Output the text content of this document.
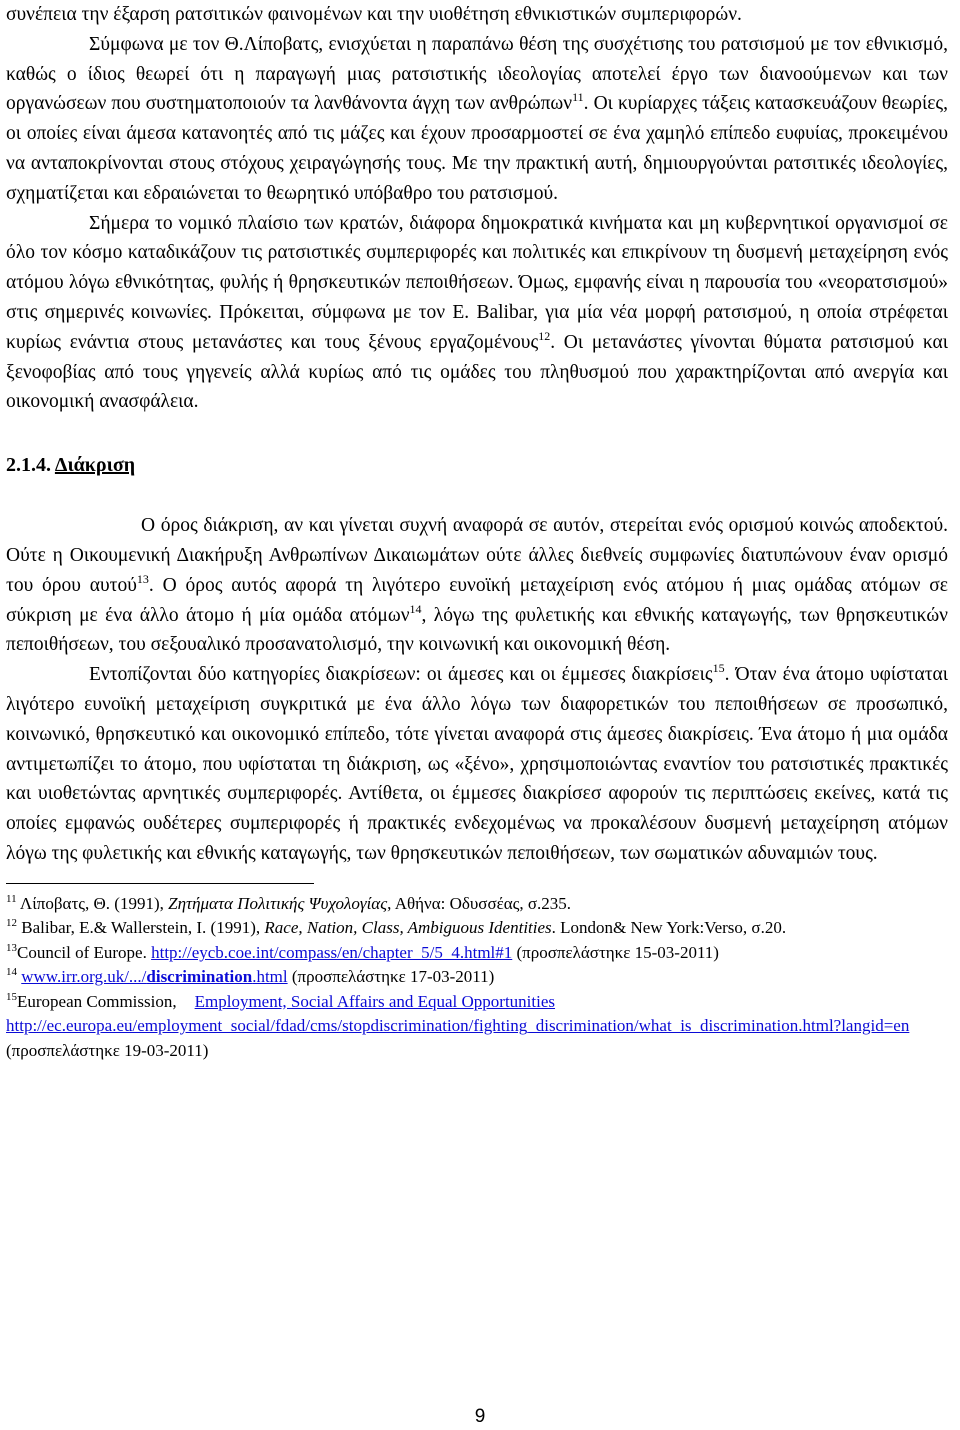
συνέπεια την έξαρση ρατσιτικών φαινομένων και την υιοθέτηση εθνικιστικών συμπεριφορών.

Σύμφωνα με τον Θ.Λίποβατς, ενισχύεται η παραπάνω θέση της συσχέτισης του ρατσισμού με τον εθνικισμό, καθώς ο ίδιος θεωρεί ότι η παραγωγή μιας ρατσιστικής ιδεολογίας αποτελεί έργο των διανοούμενων και των οργανώσεων που συστηματοποιούν τα λανθάνοντα άγχη των ανθρώπων$^{11}$. Οι κυρίαρχες τάξεις κατασκευάζουν θεωρίες, οι οποίες είναι άμεσα κατανοητές από τις μάζες και έχουν προσαρμοστεί σε ένα χαμηλό επίπεδο ευφυίας, προκειμένου να ανταποκρίνονται στους στόχους χειραγώγησής τους. Με την πρακτική αυτή, δημιουργούνται ρατσιτικές ιδεολογίες, σχηματίζεται και εδραιώνεται το θεωρητικό υπόβαθρο του ρατσισμού.

Σήμερα το νομικό πλαίσιο των κρατών, διάφορα δημοκρατικά κινήματα και μη κυβερνητικοί οργανισμοί σε όλο τον κόσμο καταδικάζουν τις ρατσιστικές συμπεριφορές και πολιτικές και επικρίνουν τη δυσμενή μεταχείρηση ενός ατόμου λόγω εθνικότητας, φυλής ή θρησκευτικών πεποιθήσεων. Όμως, εμφανής είναι η παρουσία του «νεορατσισμού» στις σημερινές κοινωνίες. Πρόκειται, σύμφωνα με τον E. Balibar, για μία νέα μορφή ρατσισμού, η οποία στρέφεται κυρίως ενάντια στους μετανάστες και τους ξένους εργαζομένους$^{12}$. Οι μετανάστες γίνονται θύματα ρατσισμού και ξενοφοβίας από τους γηγενείς αλλά κυρίως από τις ομάδες του πληθυσμού που χαρακτηρίζονται από ανεργία και οικονομική ανασφάλεια.

2.1.4. Διάκριση

Ο όρος διάκριση, αν και γίνεται συχνή αναφορά σε αυτόν, στερείται ενός ορισμού κοινώς αποδεκτού. Ούτε η Οικουμενική Διακήρυξη Ανθρωπίνων Δικαιωμάτων ούτε άλλες διεθνείς συμφωνίες διατυπώνουν έναν ορισμό του όρου αυτού$^{13}$. Ο όρος αυτός αφορά τη λιγότερο ευνοϊκή μεταχείριση ενός ατόμου ή μιας ομάδας ατόμων σε σύκριση με ένα άλλο άτομο ή μία ομάδα ατόμων$^{14}$, λόγω της φυλετικής και εθνικής καταγωγής, των θρησκευτικών πεποιθήσεων, του σεξουαλικό προσανατολισμό, την κοινωνική και οικονομική θέση.

Εντοπίζονται δύο κατηγορίες διακρίσεων: οι άμεσες και οι έμμεσες διακρίσεις$^{15}$. Όταν ένα άτομο υφίσταται λιγότερο ευνοϊκή μεταχείριση συγκριτικά με ένα άλλο λόγω των διαφορετικών του πεποιθήσεων σε προσωπικό, κοινωνικό, θρησκευτικό και οικονομικό επίπεδο, τότε γίνεται αναφορά στις άμεσες διακρίσεις. Ένα άτομο ή μια ομάδα αντιμετωπίζει το άτομο, που υφίσταται τη διάκριση, ως «ξένο», χρησιμοποιώντας εναντίον του ρατσιστικές πρακτικές και υιοθετώντας αρνητικές συμπεριφορές. Αντίθετα, οι έμμεσες διακρίσεσ αφορούν τις περιπτώσεις εκείνες, κατά τις οποίες εμφανώς ουδέτερες συμπεριφορές ή πρακτικές ενδεχομένως να προκαλέσουν δυσμενή μεταχείρηση ατόμων λόγω της φυλετικής και εθνικής καταγωγής, των θρησκευτικών πεποιθήσεων, των σωματικών αδυναμιών τους.

$^{11}$ Λίποβατς, Θ. (1991), Ζητήματα Πολιτικής Ψυχολογίας, Αθήνα: Οδυσσέας, σ.235.

$^{12}$ Balibar, E.& Wallerstein, I. (1991), Race, Nation, Class, Ambiguous Identities. London& New York:Verso, σ.20.

$^{13}$Council of Europe. http://eycb.coe.int/compass/en/chapter_5/5_4.html#1 (προσπελάστηκε 15-03-2011)

$^{14}$ www.irr.org.uk/.../discrimination.html (προσπελάστηκε 17-03-2011)

$^{15}$European Commission, Employment, Social Affairs and Equal Opportunities
http://ec.europa.eu/employment_social/fdad/cms/stopdiscrimination/fighting_discrimination/what_is_discrimination.html?langid=en (προσπελάστηκε 19-03-2011)

9
